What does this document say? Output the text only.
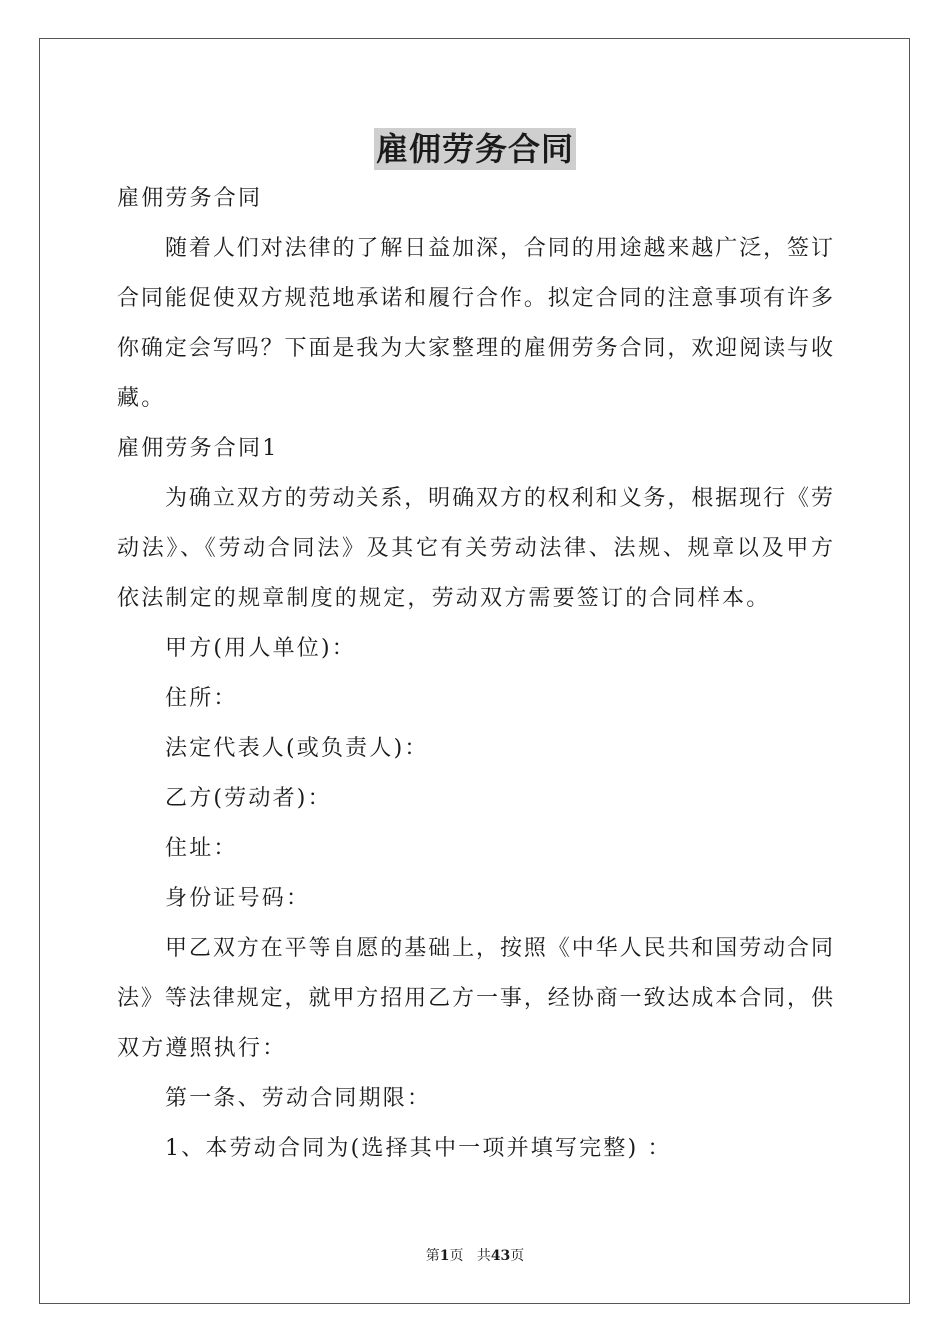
雇佣劳务合同
雇佣劳务合同
随着人们对法律的了解日益加深，合同的用途越来越广泛，签订
合同能促使双方规范地承诺和履行合作。拟定合同的注意事项有许多
你确定会写吗？下面是我为大家整理的雇佣劳务合同，欢迎阅读与收
藏。
雇佣劳务合同1
为确立双方的劳动关系，明确双方的权利和义务，根据现行《劳
动法》、《劳动合同法》及其它有关劳动法律、法规、规章以及甲方
依法制定的规章制度的规定，劳动双方需要签订的合同样本。
甲方(用人单位)：
住所：
法定代表人(或负责人)：
乙方(劳动者)：
住址：
身份证号码：
甲乙双方在平等自愿的基础上，按照《中华人民共和国劳动合同
法》等法律规定，就甲方招用乙方一事，经协商一致达成本合同，供
双方遵照执行：
第一条、劳动合同期限：
1、本劳动合同为(选择其中一项并填写完整) ：
第1页 共43页
